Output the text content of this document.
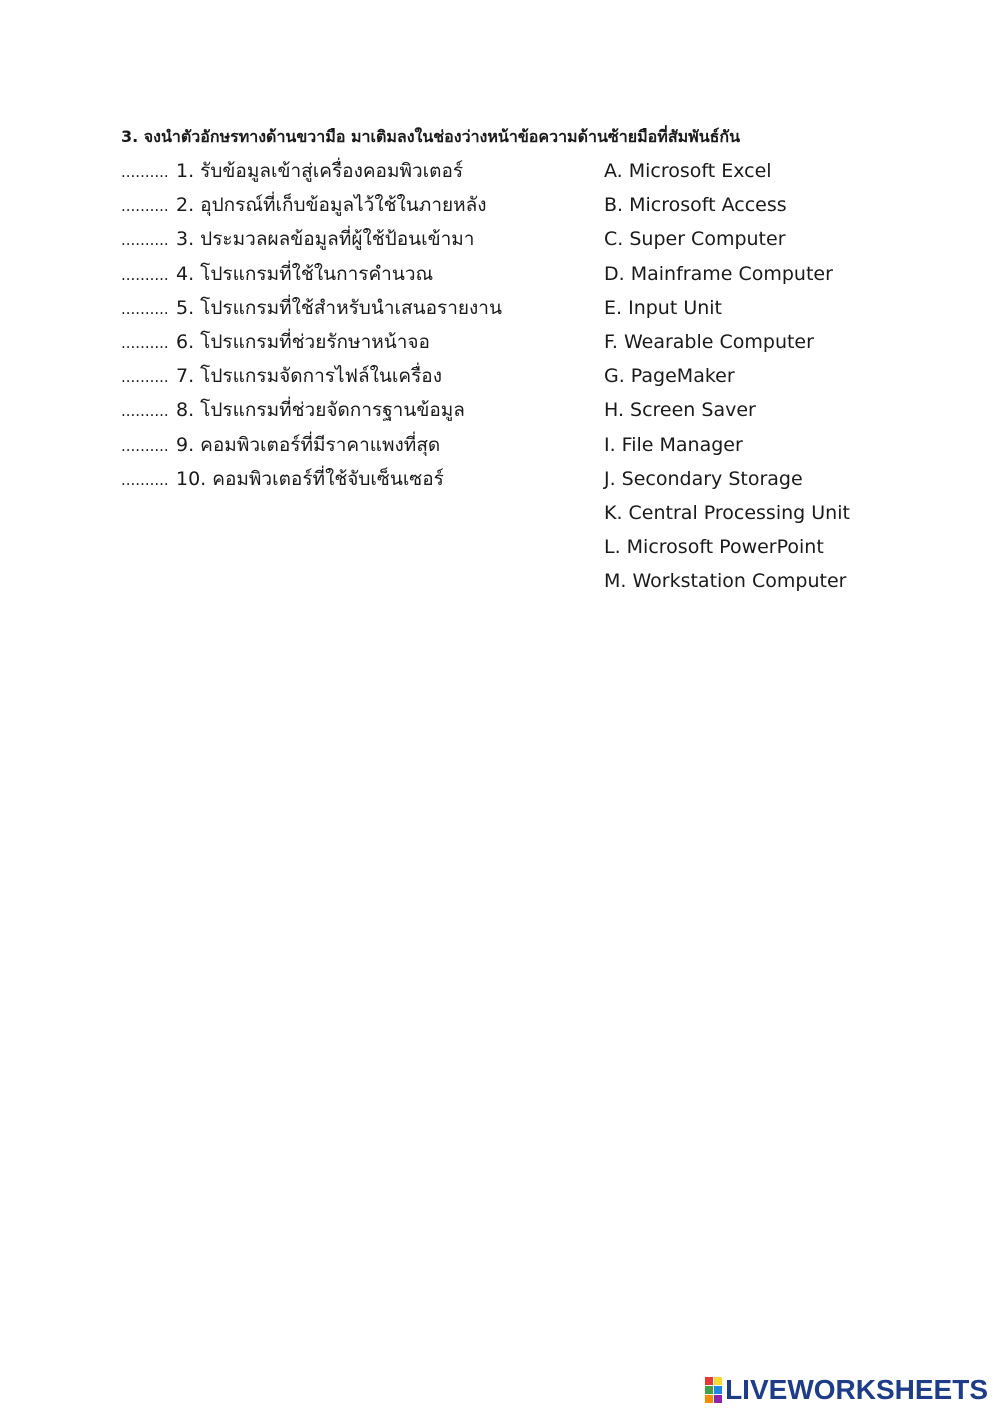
3. จงนำตัวอักษรทางด้านขวามือ มาเติมลงในช่องว่างหน้าข้อความด้านซ้ายมือที่สัมพันธ์กัน
..........1. รับข้อมูลเข้าสู่เครื่องคอมพิวเตอร์
..........2. อุปกรณ์ที่เก็บข้อมูลไว้ใช้ในภายหลัง
..........3. ประมวลผลข้อมูลที่ผู้ใช้ป้อนเข้ามา
..........4. โปรแกรมที่ใช้ในการคำนวณ
..........5. โปรแกรมที่ใช้สำหรับนำเสนอรายงาน
..........6. โปรแกรมที่ช่วยรักษาหน้าจอ
..........7. โปรแกรมจัดการไฟล์ในเครื่อง
..........8. โปรแกรมที่ช่วยจัดการฐานข้อมูล
..........9. คอมพิวเตอร์ที่มีราคาแพงที่สุด
..........10. คอมพิวเตอร์ที่ใช้จับเซ็นเซอร์
A. Microsoft Excel
B. Microsoft Access
C. Super Computer
D. Mainframe Computer
E. Input Unit
F. Wearable Computer
G. PageMaker
H. Screen Saver
I. File Manager
J. Secondary Storage
K. Central Processing Unit
L. Microsoft PowerPoint
M. Workstation Computer
LIVEWORKSHEETS
